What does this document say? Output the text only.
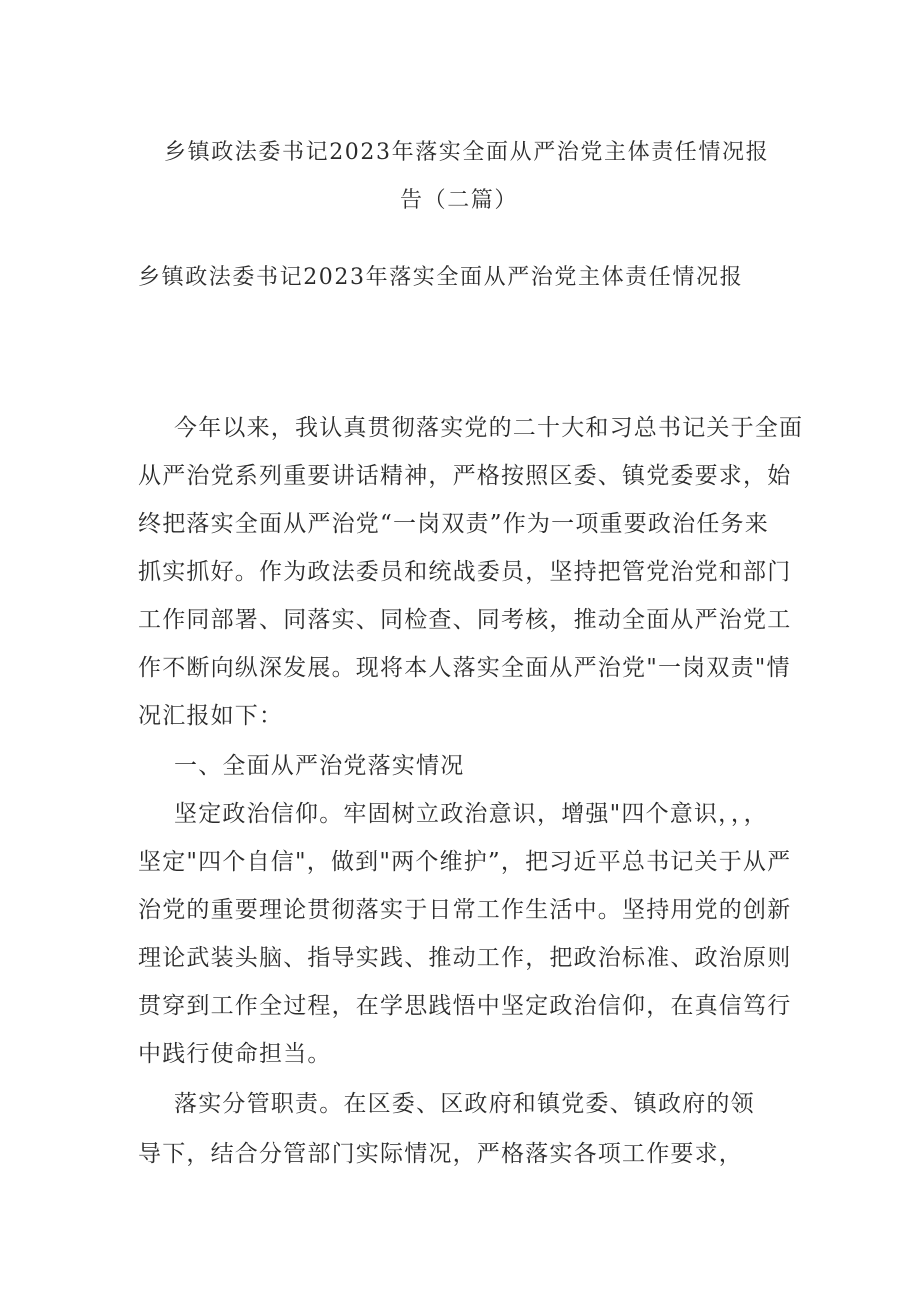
乡镇政法委书记2023年落实全面从严治党主体责任情况报
告（二篇）
乡镇政法委书记2023年落实全面从严治党主体责任情况报
今年以来，我认真贯彻落实党的二十大和习总书记关于全面
从严治党系列重要讲话精神，严格按照区委、镇党委要求，始
终把落实全面从严治党“一岗双责”作为一项重要政治任务来
抓实抓好。作为政法委员和统战委员，坚持把管党治党和部门
工作同部署、同落实、同检查、同考核，推动全面从严治党工
作不断向纵深发展。现将本人落实全面从严治党"一岗双责"情
况汇报如下：
一、全面从严治党落实情况
坚定政治信仰。牢固树立政治意识，增强"四个意识，，，
坚定"四个自信"，做到"两个维护”，把习近平总书记关于从严
治党的重要理论贯彻落实于日常工作生活中。坚持用党的创新
理论武装头脑、指导实践、推动工作，把政治标准、政治原则
贯穿到工作全过程，在学思践悟中坚定政治信仰，在真信笃行
中践行使命担当。
落实分管职责。在区委、区政府和镇党委、镇政府的领
导下，结合分管部门实际情况，严格落实各项工作要求，
